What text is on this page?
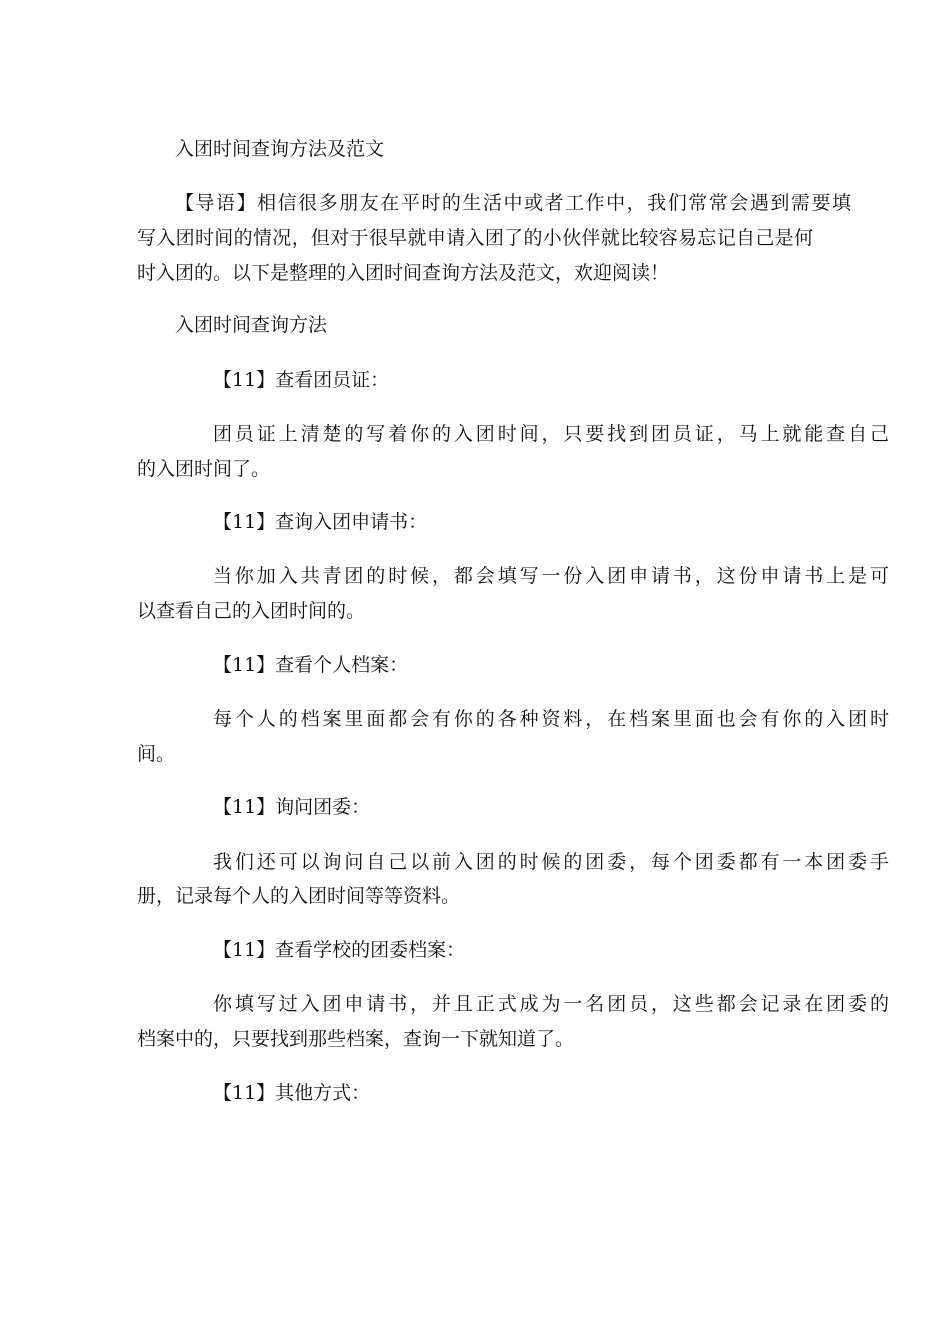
入团时间查询方法及范文
【导语】相信很多朋友在平时的生活中或者工作中，我们常常会遇到需要填
写入团时间的情况，但对于很早就申请入团了的小伙伴就比较容易忘记自己是何
时入团的。以下是整理的入团时间查询方法及范文，欢迎阅读！
入团时间查询方法
【11】查看团员证：
团员证上清楚的写着你的入团时间，只要找到团员证，马上就能查自己
的入团时间了。
【11】查询入团申请书：
当你加入共青团的时候，都会填写一份入团申请书，这份申请书上是可
以查看自己的入团时间的。
【11】查看个人档案：
每个人的档案里面都会有你的各种资料，在档案里面也会有你的入团时
间。
【11】询问团委：
我们还可以询问自己以前入团的时候的团委，每个团委都有一本团委手
册，记录每个人的入团时间等等资料。
【11】查看学校的团委档案：
你填写过入团申请书，并且正式成为一名团员，这些都会记录在团委的
档案中的，只要找到那些档案，查询一下就知道了。
【11】其他方式：
